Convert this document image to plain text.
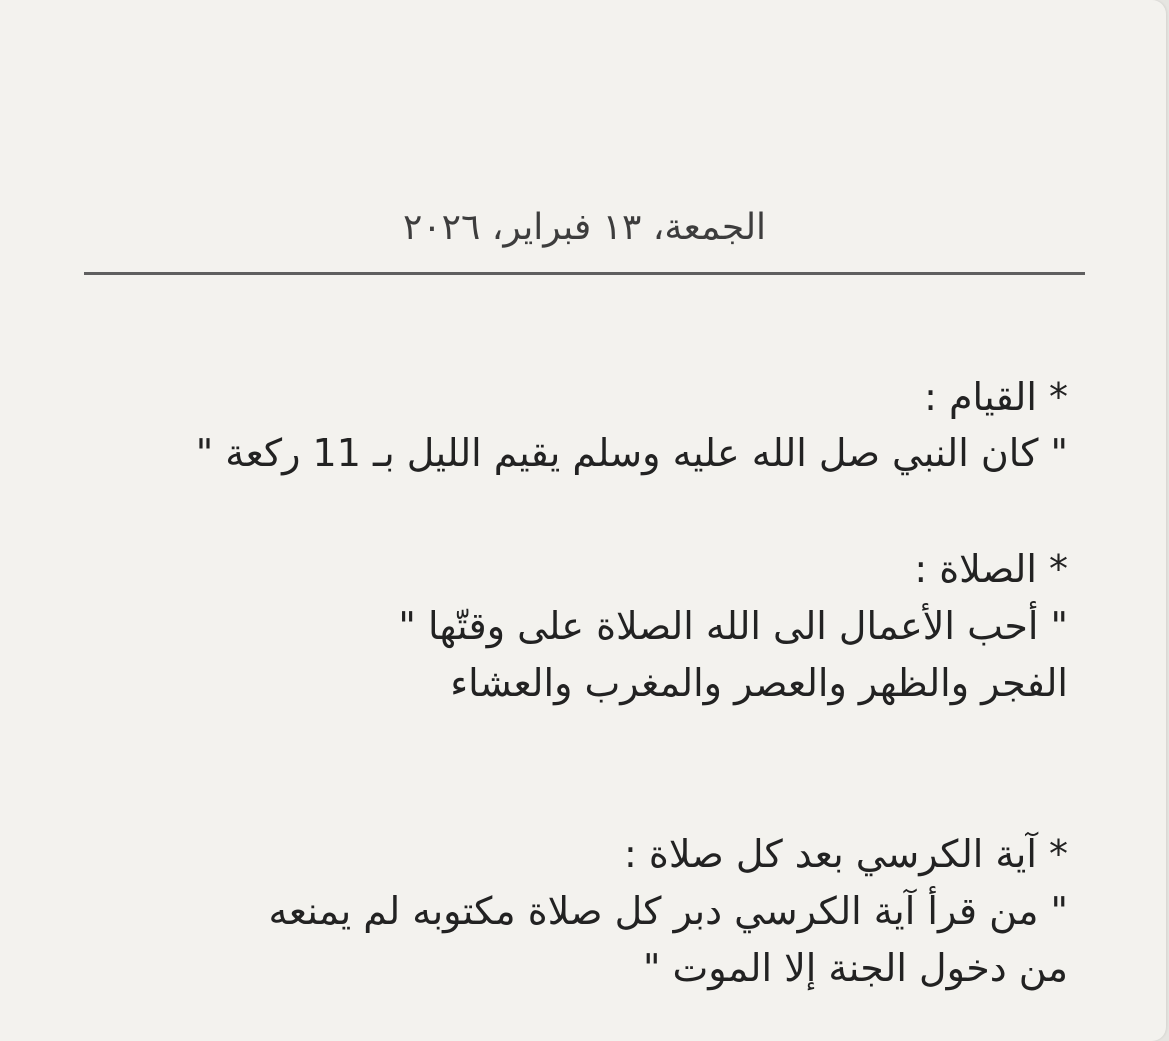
الجمعة، ١٣ فبراير، ٢٠٢٦
* القيام :
" كان النبي صل الله عليه وسلم يقيم الليل بـ 11 ركعة "
* الصلاة :
" أحب الأعمال الى الله الصلاة على وقتّها "
الفجر والظهر والعصر والمغرب والعشاء
* آية الكرسي بعد كل صلاة :
" من قرأ آية الكرسي دبر كل صلاة مكتوبه لم يمنعه
من دخول الجنة إلا الموت "
